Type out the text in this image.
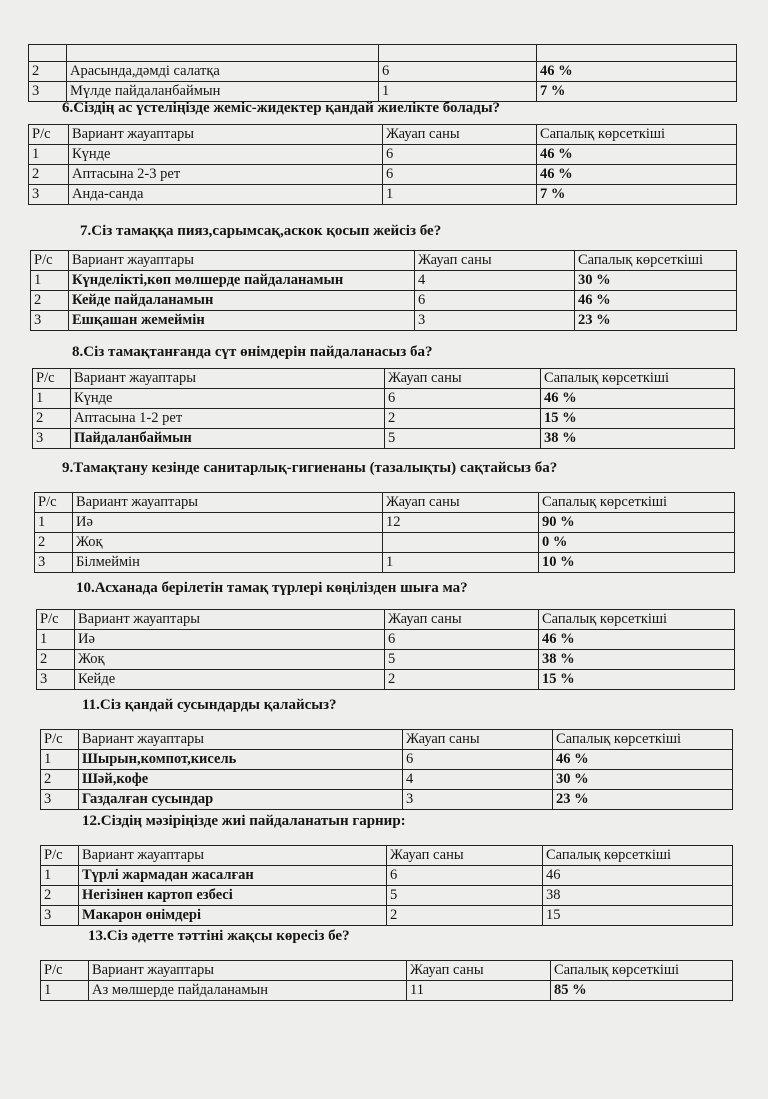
2	Арасында,дәмді салатқа	6	46 %
3	Мүлде пайдаланбаймын	1	7 %
6.Сіздің ас үстеліңізде жеміс-жидектер қандай жиелікте болады?
Р/с	Вариант жауаптары	Жауап саны	Сапалық көрсеткіші
1	Күнде	6	46 %
2	Аптасына 2-3 рет	6	46 %
3	Анда-санда	1	7 %
7.Сіз тамаққа пияз,сарымсақ,аскок қосып жейсіз бе?
Р/с	Вариант жауаптары	Жауап саны	Сапалық көрсеткіші
1	Күнделікті,көп мөлшерде пайдаланамын	4	30 %
2	Кейде пайдаланамын	6	46 %
3	Ешқашан жемеймін	3	23 %
8.Сіз тамақтанғанда сүт өнімдерін пайдаланасыз ба?
Р/с	Вариант жауаптары	Жауап саны	Сапалық көрсеткіші
1	Күнде	6	46 %
2	Аптасына 1-2 рет	2	15 %
3	Пайдаланбаймын	5	38 %
9.Тамақтану кезінде санитарлық-гигиенаны (тазалықты) сақтайсыз ба?
Р/с	Вариант жауаптары	Жауап саны	Сапалық көрсеткіші
1	Иә	12	90 %
2	Жоқ		0 %
3	Білмеймін	1	10 %
10.Асханада берілетін тамақ түрлері көңілізден шыға ма?
Р/с	Вариант жауаптары	Жауап саны	Сапалық көрсеткіші
1	Иә	6	46 %
2	Жоқ	5	38 %
3	Кейде	2	15 %
11.Сіз қандай сусындарды қалайсыз?
Р/с	Вариант жауаптары	Жауап саны	Сапалық көрсеткіші
1	Шырын,компот,кисель	6	46 %
2	Шәй,кофе	4	30 %
3	Газдалған сусындар	3	23 %
12.Сіздің мәзіріңізде жиі пайдаланатын гарнир:
Р/с	Вариант жауаптары	Жауап саны	Сапалық көрсеткіші
1	Түрлі жармадан жасалған	6	46
2	Негізінен картоп езбесі	5	38
3	Макарон өнімдері	2	15
13.Сіз әдетте тәттіні жақсы көресіз бе?
Р/с	Вариант жауаптары	Жауап саны	Сапалық көрсеткіші
1	Аз мөлшерде пайдаланамын	11	85 %
